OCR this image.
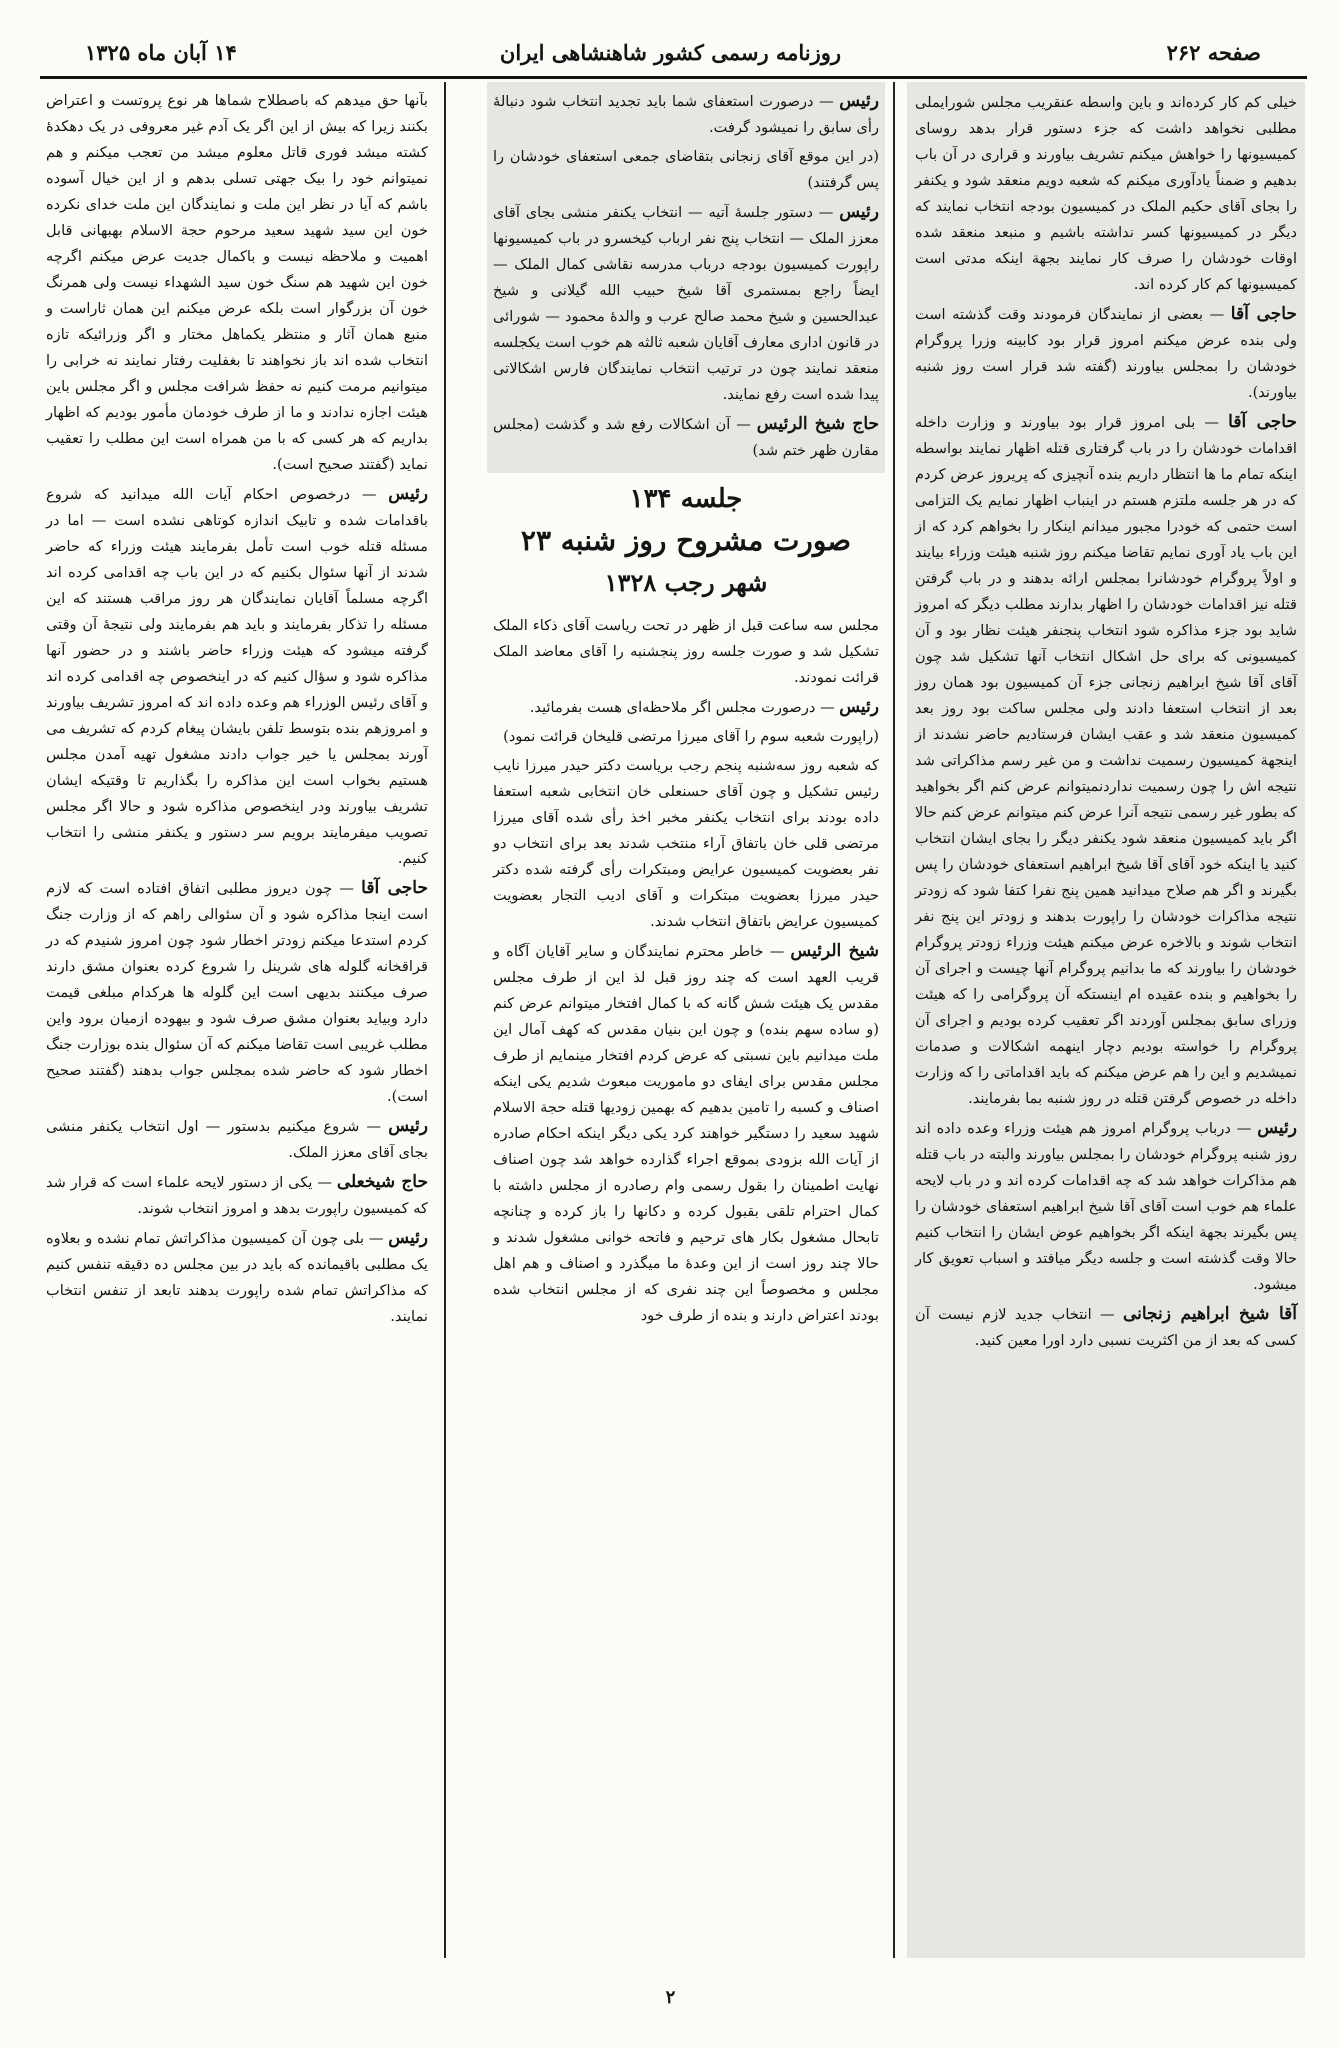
صفحه ۲۶۲
روزنامه رسمی کشور شاهنشاهی ایران
۱۴ آبان ماه ۱۳۲۵

خیلی کم کار کرده‌اند و باین واسطه عنقریب مجلس شورایملی مطلبی نخواهد داشت که جزء دستور قرار بدهد روسای کمیسیونها را خواهش میکنم تشریف بیاورند و قراری در آن باب بدهیم و ضمناً یادآوری میکنم که شعبه دویم منعقد شود و یکنفر را بجای آقای حکیم الملک در کمیسیون بودجه انتخاب نمایند که دیگر در کمیسیونها کسر نداشته باشیم و منبعد منعقد شده اوقات خودشان را صرف کار نمایند بجهة اینکه مدتی است کمیسیونها کم کار کرده اند.

حاجی آقا — بعضی از نمایندگان فرمودند وقت گذشته است ولی بنده عرض میکنم امروز قرار بود کابینه وزرا پروگرام خودشان را بمجلس بیاورند (گفته شد قرار است روز شنبه بیاورند).

حاجی آقا — بلی امروز قرار بود بیاورند و وزارت داخله اقدامات خودشان را در باب گرفتاری قتله اظهار نمایند بواسطه اینکه تمام ما ها انتظار داریم بنده آنچیزی که پریروز عرض کردم که در هر جلسه ملتزم هستم در اینباب اظهار نمایم یک التزامی است حتمی که خودرا مجبور میدانم اینکار را بخواهم کرد که از این باب یاد آوری نمایم تقاضا میکنم روز شنبه هیئت وزراء بیایند و اولاً پروگرام خودشانرا بمجلس ارائه بدهند و در باب گرفتن قتله نیز اقدامات خودشان را اظهار بدارند مطلب دیگر که امروز شاید بود جزء مذاکره شود انتخاب پنجنفر هیئت نظار بود و آن کمیسیونی که برای حل اشکال انتخاب آنها تشکیل شد چون آقای آقا شیخ ابراهیم زنجانی جزء آن کمیسیون بود همان روز بعد از انتخاب استعفا دادند ولی مجلس ساکت بود روز بعد کمیسیون منعقد شد و عقب ایشان فرستادیم حاضر نشدند از اینجهة کمیسیون رسمیت نداشت و من غیر رسم مذاکراتی شد نتیجه اش را چون رسمیت نداردنمیتوانم عرض کنم اگر بخواهید که بطور غیر رسمی نتیجه آنرا عرض کنم میتوانم عرض کنم حالا اگر باید کمیسیون منعقد شود یکنفر دیگر را بجای ایشان انتخاب کنید یا اینکه خود آقای آقا شیخ ابراهیم استعفای خودشان را پس بگیرند و اگر هم صلاح میدانید همین پنج نفرا کتفا شود که زودتر نتیجه مذاکرات خودشان را راپورت بدهند و زودتر این پنج نفر انتخاب شوند و بالاخره عرض میکنم هیئت وزراء زودتر پروگرام خودشان را بیاورند که ما بدانیم پروگرام آنها چیست و اجرای آن را بخواهیم و بنده عقیده ام اینستکه آن پروگرامی را که هیئت وزرای سابق بمجلس آوردند اگر تعقیب کرده بودیم و اجرای آن پروگرام را خواسته بودیم دچار اینهمه اشکالات و صدمات نمیشدیم و این را هم عرض میکنم که باید اقداماتی را که وزارت داخله در خصوص گرفتن قتله در روز شنبه بما بفرمایند.

رئیس — درباب پروگرام امروز هم هیئت وزراء وعده داده اند روز شنبه پروگرام خودشان را بمجلس بیاورند والبته در باب قتله هم مذاکرات خواهد شد که چه اقدامات کرده اند و در باب لایحه علماء هم خوب است آقای آقا شیخ ابراهیم استعفای خودشان را پس بگیرند بجهة اینکه اگر بخواهیم عوض ایشان را انتخاب کنیم حالا وقت گذشته است و جلسه دیگر میافتد و اسباب تعویق کار میشود.

آقا شیخ ابراهیم زنجانی — انتخاب جدید لازم نیست آن کسی که بعد از من اکثریت نسبی دارد اورا معین کنید.

رئیس — درصورت استعفای شما باید تجدید انتخاب شود دنبالهٔ رأی سابق را نمیشود گرفت.

(در این موقع آقای زنجانی بتقاضای جمعی استعفای خودشان را پس گرفتند)

رئیس — دستور جلسهٔ آتیه — انتخاب یکنفر منشی بجای آقای معزز الملک — انتخاب پنج نفر ارباب کیخسرو در باب کمیسیونها راپورت کمیسیون بودجه درباب مدرسه نقاشی کمال الملک — ایضاً راجع بمستمری آقا شیخ حبیب الله گیلانی و شیخ عبدالحسین و شیخ محمد صالح عرب و والدهٔ محمود — شورائی در قانون اداری معارف آقایان شعبه ثالثه هم خوب است یکجلسه منعقد نمایند چون در ترتیب انتخاب نمایندگان فارس اشکالاتی پیدا شده است رفع نمایند.

حاج شیخ الرئیس — آن اشکالات رفع شد و گذشت (مجلس مقارن ظهر ختم شد)

جلسه ۱۳۴
صورت مشروح روز شنبه ۲۳
شهر رجب ۱۳۲۸

مجلس سه ساعت قبل از ظهر در تحت ریاست آقای ذکاء الملک تشکیل شد و صورت جلسه روز پنجشنبه را آقای معاضد الملک قرائت نمودند.

رئیس — درصورت مجلس اگر ملاحظه‌ای هست بفرمائید.

(راپورت شعبه سوم را آقای میرزا مرتضی قلیخان قرائت نمود)

که شعبه روز سه‌شنبه پنجم رجب بریاست دکتر حیدر میرزا نایب رئیس تشکیل و چون آقای حسنعلی خان انتخابی شعبه استعفا داده بودند برای انتخاب یکنفر مخبر اخذ رأی شده آقای میرزا مرتضی قلی خان باتفاق آراء منتخب شدند بعد برای انتخاب دو نفر بعضویت کمیسیون عرایض ومبتکرات رأی گرفته شده دکتر حیدر میرزا بعضویت مبتکرات و آقای ادیب التجار بعضویت کمیسیون عرایض باتفاق انتخاب شدند.

شیخ الرئیس — خاطر محترم نمایندگان و سایر آقایان آگاه و قریب العهد است که چند روز قبل لذ این از طرف مجلس مقدس یک هیئت شش گانه که با کمال افتخار میتوانم عرض کنم (و ساده سهم بنده) و چون این بنیان مقدس که کهف آمال این ملت میدانیم باین نسبتی که عرض کردم افتخار مینمایم از طرف مجلس مقدس برای ایفای دو ماموریت مبعوث شدیم یکی اینکه اصناف و کسبه را تامین بدهیم که بهمین زودیها قتله حجة الاسلام شهید سعید را دستگیر خواهند کرد یکی دیگر اینکه احکام صادره از آیات الله بزودی بموقع اجراء گذارده خواهد شد چون اصناف نهایت اطمینان را بقول رسمی وام رصادره از مجلس داشته با کمال احترام تلقی بقبول کرده و دکانها را باز کرده و چنانچه تابحال مشغول بکار های ترحیم و فاتحه خوانی مشغول شدند و حالا چند روز است از این وعدهٔ ما میگذرد و اصناف و هم اهل مجلس و مخصوصاً این چند نفری که از مجلس انتخاب شده بودند اعتراض دارند و بنده از طرف خود

بآنها حق میدهم که باصطلاح شماها هر نوع پروتست و اعتراض بکنند زیرا که بیش از این اگر یک آدم غیر معروفی در یک دهکدهٔ کشته میشد فوری قاتل معلوم میشد من تعجب میکنم و هم نمیتوانم خود را بیک جهتی تسلی بدهم و از این خیال آسوده باشم که آیا در نظر این ملت و نمایندگان این ملت خدای نکرده خون این سید شهید سعید مرحوم حجة الاسلام بهبهانی قابل اهمیت و ملاحظه نیست و باکمال جدیت عرض میکنم اگرچه خون این شهید هم سنگ خون سید الشهداء نیست ولی همرنگ خون آن بزرگوار است بلکه عرض میکنم این همان ثاراست و منبع همان آثار و منتظر یکماهل مختار و اگر وزرائیکه تازه انتخاب شده اند باز نخواهند تا بغفلیت رفتار نمایند نه خرابی را میتوانیم مرمت کنیم نه حفظ شرافت مجلس و اگر مجلس باین هیئت اجازه ندادند و ما از طرف خودمان مأمور بودیم که اظهار بداریم که هر کسی که با من همراه است این مطلب را تعقیب نماید (گفتند صحیح است).

رئیس — درخصوص احکام آیات الله میدانید که شروع باقدامات شده و تابیک اندازه کوتاهی نشده است — اما در مسئله قتله خوب است تأمل بفرمایند هیئت وزراء که حاضر شدند از آنها سئوال بکنیم که در این باب چه اقدامی کرده اند اگرچه مسلماً آقایان نمایندگان هر روز مراقب هستند که این مسئله را تذکار بفرمایند و باید هم بفرمایند ولی نتیجهٔ آن وقتی گرفته میشود که هیئت وزراء حاضر باشند و در حضور آنها مذاکره شود و سؤال کنیم که در اینخصوص چه اقدامی کرده اند و آقای رئیس الوزراء هم وعده داده اند که امروز تشریف بیاورند و امروزهم بنده بتوسط تلفن بایشان پیغام کردم که تشریف می آورند بمجلس یا خیر جواب دادند مشغول تهیه آمدن مجلس هستیم بخواب است این مذاکره را بگذاریم تا وقتیکه ایشان تشریف بیاورند ودر اینخصوص مذاکره شود و حالا اگر مجلس تصویب میفرمایند برویم سر دستور و یکنفر منشی را انتخاب کنیم.

حاجی آقا — چون دیروز مطلبی اتفاق افتاده است که لازم است اینجا مذاکره شود و آن سئوالی راهم که از وزارت جنگ کردم استدعا میکنم زودتر اخطار شود چون امروز شنیدم که در قراقخانه گلوله های شرینل را شروع کرده بعنوان مشق دارند صرف میکنند بدیهی است این گلوله ها هرکدام مبلغی قیمت دارد وبیاید بعنوان مشق صرف شود و بیهوده ازمیان برود واین مطلب غریبی است تقاضا میکنم که آن سئوال بنده بوزارت جنگ اخطار شود که حاضر شده بمجلس جواب بدهند (گفتند صحیح است).

رئیس — شروع میکنیم بدستور — اول انتخاب یکنفر منشی بجای آقای معزز الملک.

حاج شیخعلی — یکی از دستور لایحه علماء است که قرار شد که کمیسیون راپورت بدهد و امروز انتخاب شوند.

رئیس — بلی چون آن کمیسیون مذاکراتش تمام نشده و بعلاوه یک مطلبی باقیمانده که باید در بین مجلس ده دقیقه تنفس کنیم که مذاکراتش تمام شده راپورت بدهند تابعد از تنفس انتخاب نمایند.

۲
